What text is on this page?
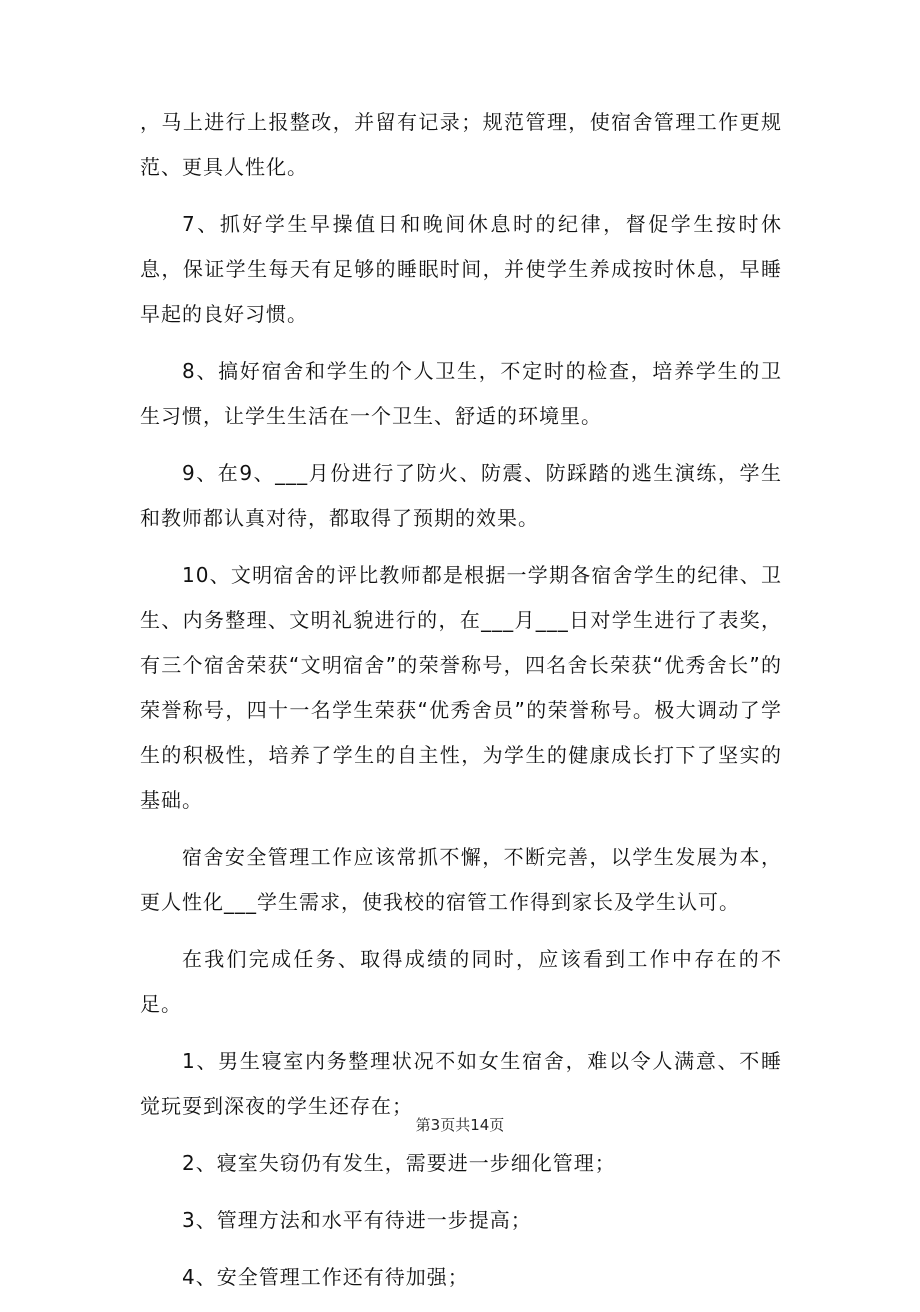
，马上进行上报整改，并留有记录；规范管理，使宿舍管理工作更规范、更具人性化。

7、抓好学生早操值日和晚间休息时的纪律，督促学生按时休息，保证学生每天有足够的睡眠时间，并使学生养成按时休息，早睡早起的良好习惯。

8、搞好宿舍和学生的个人卫生，不定时的检查，培养学生的卫生习惯，让学生生活在一个卫生、舒适的环境里。

9、在9、___月份进行了防火、防震、防踩踏的逃生演练，学生和教师都认真对待，都取得了预期的效果。

10、文明宿舍的评比教师都是根据一学期各宿舍学生的纪律、卫生、内务整理、文明礼貌进行的，在___月___日对学生进行了表奖，有三个宿舍荣获“文明宿舍”的荣誉称号，四名舍长荣获“优秀舍长”的荣誉称号，四十一名学生荣获“优秀舍员”的荣誉称号。极大调动了学生的积极性，培养了学生的自主性，为学生的健康成长打下了坚实的基础。

宿舍安全管理工作应该常抓不懈，不断完善，以学生发展为本，更人性化___学生需求，使我校的宿管工作得到家长及学生认可。

在我们完成任务、取得成绩的同时，应该看到工作中存在的不足。

1、男生寝室内务整理状况不如女生宿舍，难以令人满意、不睡觉玩耍到深夜的学生还存在；

2、寝室失窃仍有发生，需要进一步细化管理；

3、管理方法和水平有待进一步提高；

4、安全管理工作还有待加强；

第3页共14页
